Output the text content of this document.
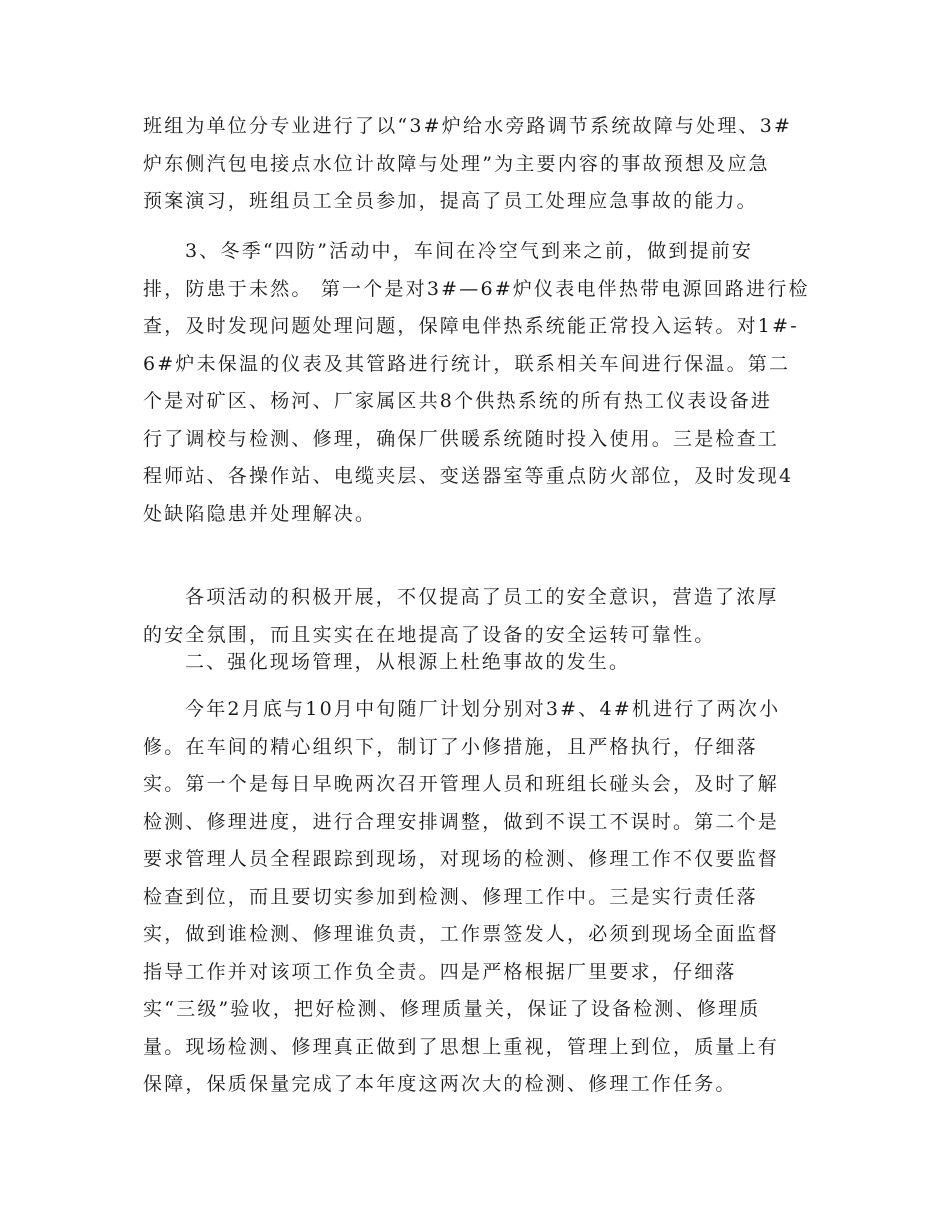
班组为单位分专业进行了以“3#炉给水旁路调节系统故障与处理、3#
炉东侧汽包电接点水位计故障与处理”为主要内容的事故预想及应急
预案演习，班组员工全员参加，提高了员工处理应急事故的能力。
3、冬季“四防”活动中，车间在冷空气到来之前，做到提前安
排，防患于未然。 第一个是对3#—6#炉仪表电伴热带电源回路进行检
查，及时发现问题处理问题，保障电伴热系统能正常投入运转。对1#-
6#炉未保温的仪表及其管路进行统计，联系相关车间进行保温。第二
个是对矿区、杨河、厂家属区共8个供热系统的所有热工仪表设备进
行了调校与检测、修理，确保厂供暖系统随时投入使用。三是检查工
程师站、各操作站、电缆夹层、变送器室等重点防火部位，及时发现4
处缺陷隐患并处理解决。
各项活动的积极开展，不仅提高了员工的安全意识，营造了浓厚
的安全氛围，而且实实在在地提高了设备的安全运转可靠性。
二、强化现场管理，从根源上杜绝事故的发生。
今年2月底与10月中旬随厂计划分别对3#、4#机进行了两次小
修。在车间的精心组织下，制订了小修措施，且严格执行，仔细落
实。第一个是每日早晚两次召开管理人员和班组长碰头会，及时了解
检测、修理进度，进行合理安排调整，做到不误工不误时。第二个是
要求管理人员全程跟踪到现场，对现场的检测、修理工作不仅要监督
检查到位，而且要切实参加到检测、修理工作中。三是实行责任落
实，做到谁检测、修理谁负责，工作票签发人，必须到现场全面监督
指导工作并对该项工作负全责。四是严格根据厂里要求，仔细落
实“三级”验收，把好检测、修理质量关，保证了设备检测、修理质
量。现场检测、修理真正做到了思想上重视，管理上到位，质量上有
保障，保质保量完成了本年度这两次大的检测、修理工作任务。
